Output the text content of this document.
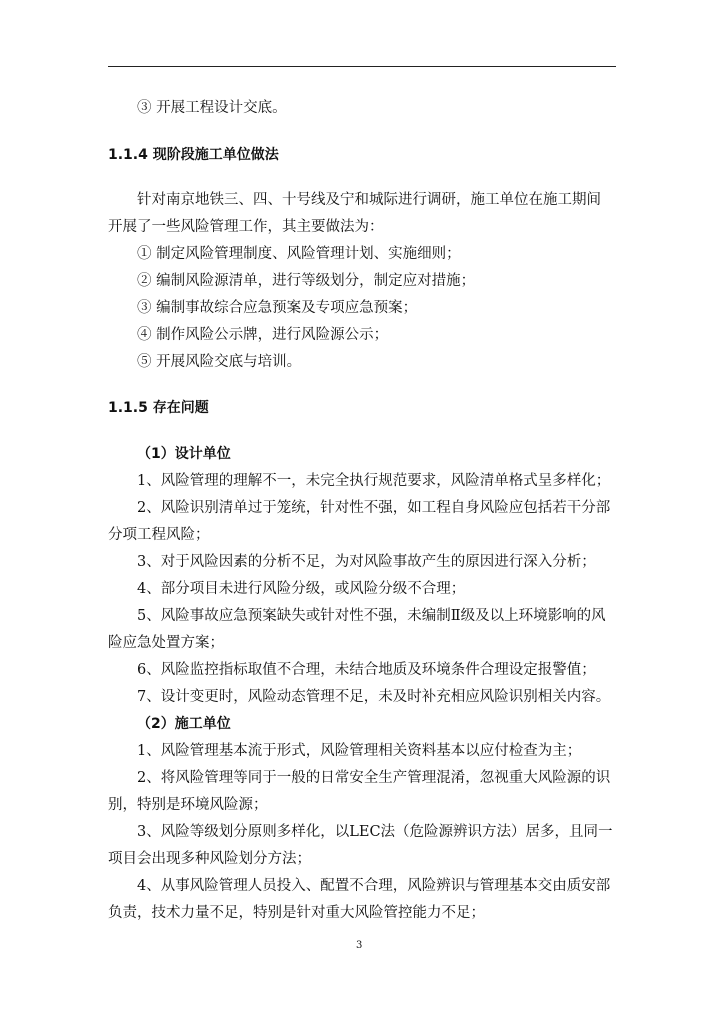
③ 开展工程设计交底。
1.1.4 现阶段施工单位做法
针对南京地铁三、四、十号线及宁和城际进行调研，施工单位在施工期间
开展了一些风险管理工作，其主要做法为：
① 制定风险管理制度、风险管理计划、实施细则；
② 编制风险源清单，进行等级划分，制定应对措施；
③ 编制事故综合应急预案及专项应急预案；
④ 制作风险公示牌，进行风险源公示；
⑤ 开展风险交底与培训。
1.1.5 存在问题
（1）设计单位
1、风险管理的理解不一，未完全执行规范要求，风险清单格式呈多样化；
2、风险识别清单过于笼统，针对性不强，如工程自身风险应包括若干分部
分项工程风险；
3、对于风险因素的分析不足，为对风险事故产生的原因进行深入分析；
4、部分项目未进行风险分级，或风险分级不合理；
5、风险事故应急预案缺失或针对性不强，未编制Ⅱ级及以上环境影响的风
险应急处置方案；
6、风险监控指标取值不合理，未结合地质及环境条件合理设定报警值；
7、设计变更时，风险动态管理不足，未及时补充相应风险识别相关内容。
（2）施工单位
1、风险管理基本流于形式，风险管理相关资料基本以应付检查为主；
2、将风险管理等同于一般的日常安全生产管理混淆，忽视重大风险源的识
别，特别是环境风险源；
3、风险等级划分原则多样化，以LEC法（危险源辨识方法）居多，且同一
项目会出现多种风险划分方法；
4、从事风险管理人员投入、配置不合理，风险辨识与管理基本交由质安部
负责，技术力量不足，特别是针对重大风险管控能力不足；
3
